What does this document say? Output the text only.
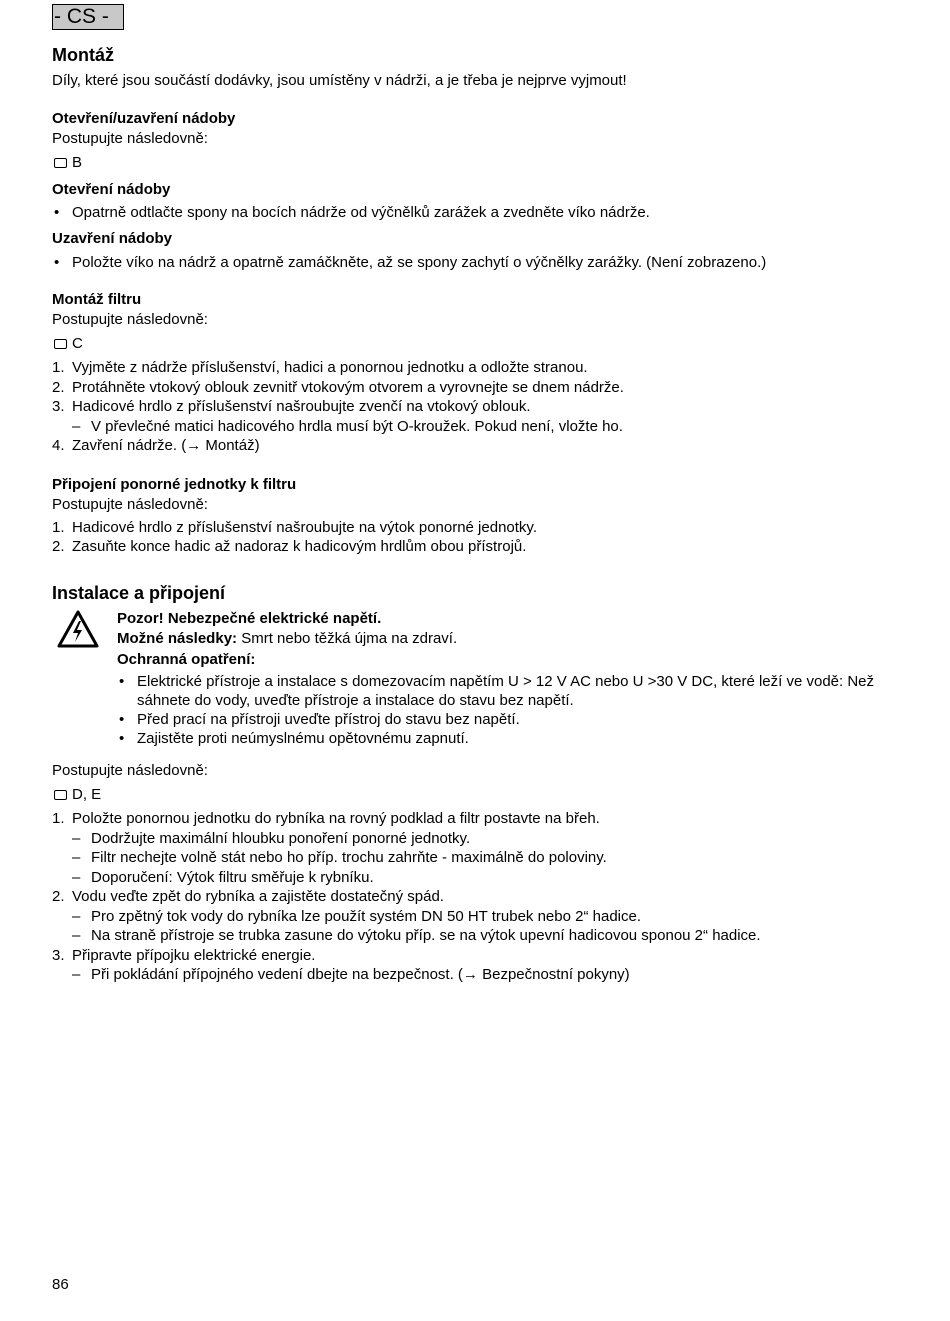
- CS -
Montáž

Díly, které jsou součástí dodávky, jsou umístěny v nádrži, a je třeba je nejprve vyjmout!

Otevření/uzavření nádoby

Postupujte následovně:

B
Otevření nádoby
• Opatrně odtlačte spony na bocích nádrže od výčnělků zarážek a zvedněte víko nádrže.
Uzavření nádoby
• Položte víko na nádrž a opatrně zamáčkněte, až se spony zachytí o výčnělky zarážky. (Není zobrazeno.)
Montáž filtru

Postupujte následovně:

C
1. Vyjměte z nádrže příslušenství, hadici a ponornou jednotku a odložte stranou.
2. Protáhněte vtokový oblouk zevnitř vtokovým otvorem a vyrovnejte se dnem nádrže.
3. Hadicové hrdlo z příslušenství našroubujte zvenčí na vtokový oblouk.
– V převlečné matici hadicového hrdla musí být O-kroužek. Pokud není, vložte ho.
4. Zavření nádrže. (→ Montáž)
Připojení ponorné jednotky k filtru

Postupujte následovně:

1. Hadicové hrdlo z příslušenství našroubujte na výtok ponorné jednotky.
2. Zasuňte konce hadic až nadoraz k hadicovým hrdlům obou přístrojů.
Instalace a připojení

Pozor! Nebezpečné elektrické napětí.

Možné následky: Smrt nebo těžká újma na zdraví.

Ochranná opatření:

• Elektrické přístroje a instalace s domezovacím napětím U > 12 V AC nebo U >30 V DC, které leží ve vodě: Než sáhnete do vody, uveďte přístroje a instalace do stavu bez napětí.
• Před prací na přístroji uveďte přístroj do stavu bez napětí.
• Zajistěte proti neúmyslnému opětovnému zapnutí.

Postupujte následovně:

D, E
1. Položte ponornou jednotku do rybníka na rovný podklad a filtr postavte na břeh.
– Dodržujte maximální hloubku ponoření ponorné jednotky.
– Filtr nechejte volně stát nebo ho příp. trochu zahrňte - maximálně do poloviny.
– Doporučení: Výtok filtru směřuje k rybníku.
2. Vodu veďte zpět do rybníka a zajistěte dostatečný spád.
– Pro zpětný tok vody do rybníka lze použít systém DN 50 HT trubek nebo 2“ hadice.
– Na straně přístroje se trubka zasune do výtoku příp. se na výtok upevní hadicovou sponou 2“ hadice.
3. Připravte přípojku elektrické energie.
– Při pokládání přípojného vedení dbejte na bezpečnost. (→ Bezpečnostní pokyny)
86
